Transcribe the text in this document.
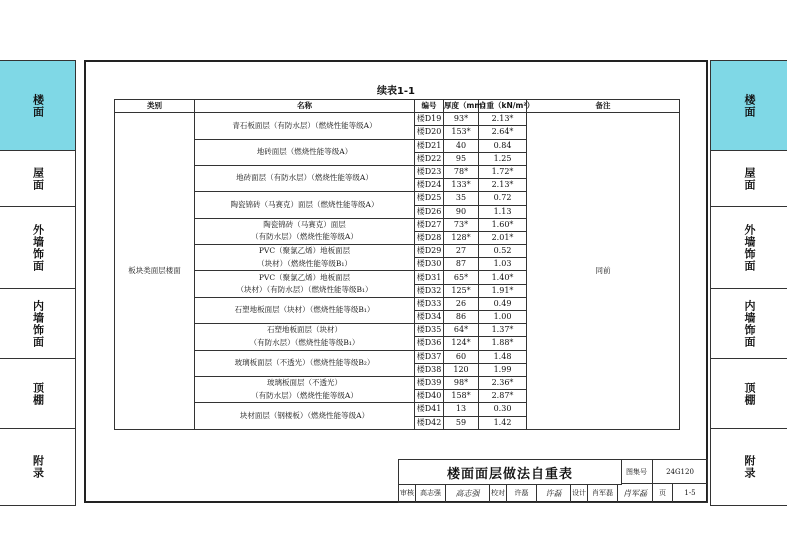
楼面
屋面
外墙饰面
内墙饰面
顶棚
附录
楼面
屋面
外墙饰面
内墙饰面
顶棚
附录
续表1-1
类别	名称	编号	厚度（mm）	自重（kN/m²）	备注
板块类面层楼面	青石板面层（有防水层）（燃烧性能等级A）	楼D19	93*	2.13*	同前
		楼D20	153*	2.64*	

	地砖面层（燃烧性能等级A）	楼D21	40	0.84	
		楼D22	95	1.25	

	地砖面层（有防水层）（燃烧性能等级A）	楼D23	78*	1.72*	
		楼D24	133*	2.13*	

	陶瓷锦砖（马赛克）面层（燃烧性能等级A）	楼D25	35	0.72	
		楼D26	90	1.13	

	陶瓷锦砖（马赛克）面层
（有防水层）（燃烧性能等级A）	楼D27	73*	1.60*	
		楼D28	128*	2.01*	

	PVC（聚氯乙烯）地板面层
（块材）（燃烧性能等级B₁）	楼D29	27	0.52	
		楼D30	87	1.03	

	PVC（聚氯乙烯）地板面层
（块材）（有防水层）（燃烧性能等级B₁）	楼D31	65*	1.40*	
		楼D32	125*	1.91*	

	石塑地板面层（块材）（燃烧性能等级B₁）	楼D33	26	0.49	
		楼D34	86	1.00	

	石塑地板面层（块材）
（有防水层）（燃烧性能等级B₁）	楼D35	64*	1.37*	
		楼D36	124*	1.88*	

	玻璃板面层（不透光）（燃烧性能等级B₂）	楼D37	60	1.48	
		楼D38	120	1.99	

	玻璃板面层（不透光）
（有防水层）（燃烧性能等级A）	楼D39	98*	2.36*	
		楼D40	158*	2.87*	

	块材面层（钢楼板）（燃烧性能等级A）	楼D41	13	0.30	
		楼D42	59	1.42	
楼面面层做法自重表	图集号	24G120
审核 高志强	高志强	校对	许磊	许磊	设计 肖军磊	肖军磊	页	1-5
